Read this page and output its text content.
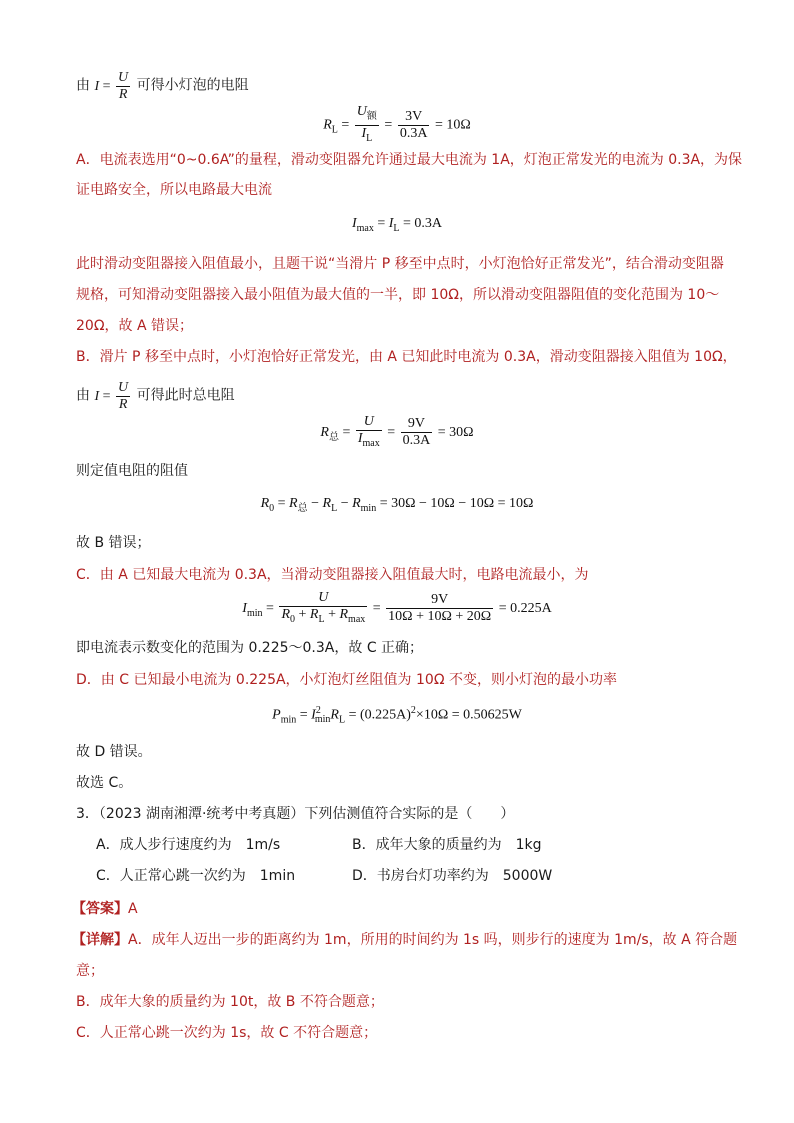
由 $I = \frac{U}{R}$ 可得小灯泡的电阻
$R_L = \frac{U_额}{I_L} = \frac{3V}{0.3A} = 10\Omega$
A．电流表选用“0~0.6A”的量程，滑动变阻器允许通过最大电流为 1A，灯泡正常发光的电流为 0.3A，为保
证电路安全，所以电路最大电流
$I_{max} = I_L = 0.3A$
此时滑动变阻器接入阻值最小，且题干说“当滑片 P 移至中点时，小灯泡恰好正常发光”，结合滑动变阻器
规格，可知滑动变阻器接入最小阻值为最大值的一半，即 10Ω，所以滑动变阻器阻值的变化范围为 10～
20Ω，故 A 错误；
B．滑片 P 移至中点时，小灯泡恰好正常发光，由 A 已知此时电流为 0.3A，滑动变阻器接入阻值为 10Ω，
由 $I = \frac{U}{R}$ 可得此时总电阻
$R_总 = \frac{U}{I_{max}} = \frac{9V}{0.3A} = 30\Omega$
则定值电阻的阻值
$R_0 = R_总 - R_L - R_{min} = 30\Omega - 10\Omega - 10\Omega = 10\Omega$
故 B 错误；
C．由 A 已知最大电流为 0.3A，当滑动变阻器接入阻值最大时，电路电流最小，为
$I_{min} = \frac{U}{R_0 + R_L + R_{max}} = \frac{9V}{10\Omega + 10\Omega + 20\Omega} = 0.225A$
即电流表示数变化的范围为 0.225～0.3A，故 C 正确；
D．由 C 已知最小电流为 0.225A，小灯泡灯丝阻值为 10Ω 不变，则小灯泡的最小功率
$P_{min} = I^2_{min}R_L = (0.225A)^2\times 10\Omega = 0.50625W$
故 D 错误。
故选 C。
3．（2023 湖南湘潭·统考中考真题）下列估测值符合实际的是（　　）
A．成人步行速度约为　1m/s	B．成年大象的质量约为　1kg
C．人正常心跳一次约为　1min	D．书房台灯功率约为　5000W
【答案】A
【详解】A．成年人迈出一步的距离约为 1m，所用的时间约为 1s 吗，则步行的速度为 1m/s，故 A 符合题
意；
B．成年大象的质量约为 10t，故 B 不符合题意；
C．人正常心跳一次约为 1s，故 C 不符合题意；
